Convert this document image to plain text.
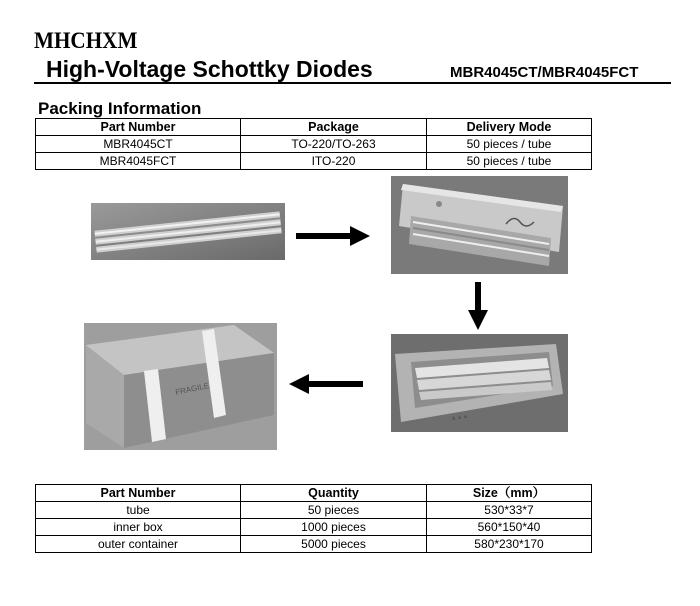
MHCHXM
High-Voltage Schottky Diodes	MBR4045CT/MBR4045FCT
Packing Information
Part Number	Package	Delivery Mode
MBR4045CT	TO-220/TO-263	50 pieces / tube
MBR4045FCT	ITO-220	50 pieces / tube
▲▲▲
FRAGILE
Part Number	Quantity	Size（mm）
tube	50 pieces	530*33*7
inner box	1000 pieces	560*150*40
outer container	5000 pieces	580*230*170
